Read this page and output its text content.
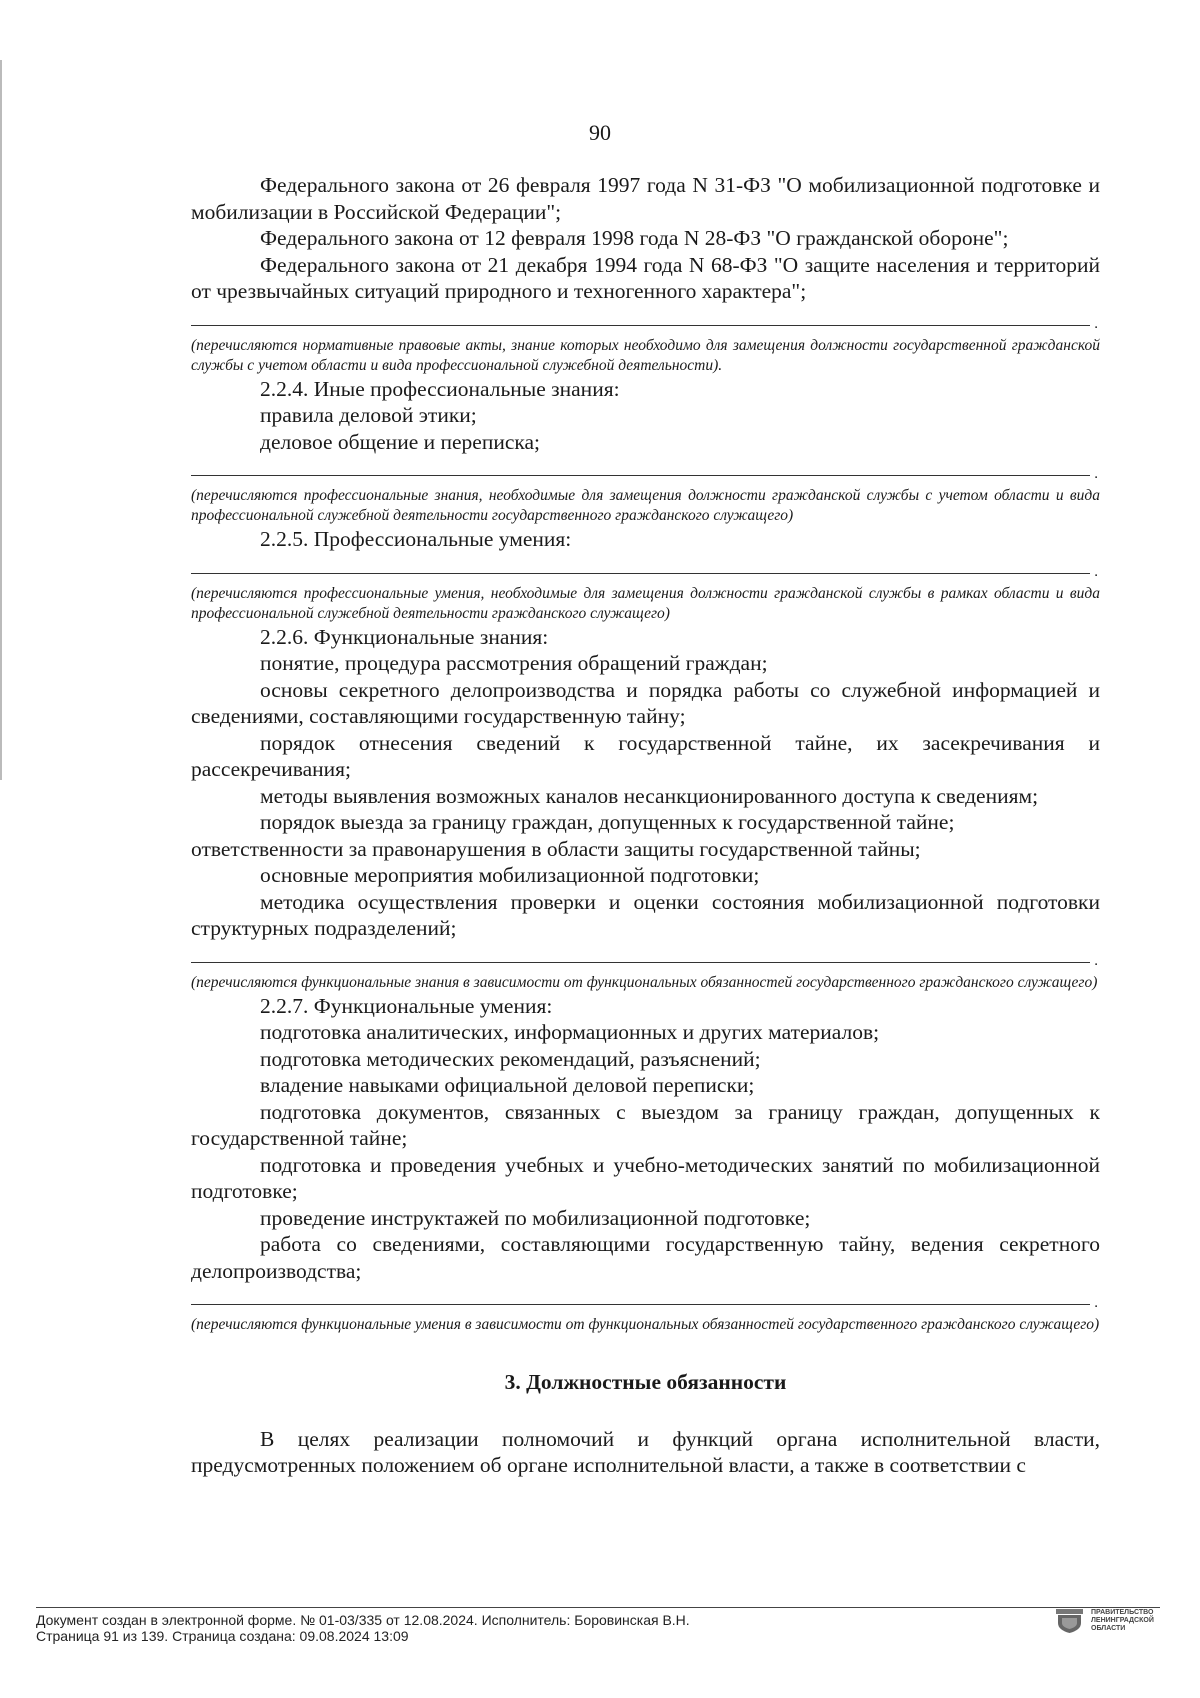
90

Федерального закона от 26 февраля 1997 года N 31-ФЗ "О мобилизационной подготовке и мобилизации в Российской Федерации";

Федерального закона от 12 февраля 1998 года N 28-ФЗ "О гражданской обороне";

Федерального закона от 21 декабря 1994 года N 68-ФЗ "О защите населения и территорий от чрезвычайных ситуаций природного и техногенного характера";

.

(перечисляются нормативные правовые акты, знание которых необходимо для замещения должности государственной гражданской службы с учетом области и вида профессиональной служебной деятельности).

2.2.4. Иные профессиональные знания:

правила деловой этики;

деловое общение и переписка;

.

(перечисляются профессиональные знания, необходимые для замещения должности гражданской службы с учетом области и вида профессиональной служебной деятельности государственного гражданского служащего)

2.2.5. Профессиональные умения:

.

(перечисляются профессиональные умения, необходимые для замещения должности гражданской службы в рамках области и вида профессиональной служебной деятельности гражданского служащего)

2.2.6. Функциональные знания:

понятие, процедура рассмотрения обращений граждан;

основы секретного делопроизводства и порядка работы со служебной информацией и сведениями, составляющими государственную тайну;

порядок отнесения сведений к государственной тайне, их засекречивания и рассекречивания;

методы выявления возможных каналов несанкционированного доступа к сведениям;

порядок выезда за границу граждан, допущенных к государственной тайне;

ответственности за правонарушения в области защиты государственной тайны;

основные мероприятия мобилизационной подготовки;

методика осуществления проверки и оценки состояния мобилизационной подготовки структурных подразделений;

.

(перечисляются функциональные знания в зависимости от функциональных обязанностей государственного гражданского служащего)

2.2.7. Функциональные умения:

подготовка аналитических, информационных и других материалов;

подготовка методических рекомендаций, разъяснений;

владение навыками официальной деловой переписки;

подготовка документов, связанных с выездом за границу граждан, допущенных к государственной тайне;

подготовка и проведения учебных и учебно-методических занятий по мобилизационной подготовке;

проведение инструктажей по мобилизационной подготовке;

работа со сведениями, составляющими государственную тайну, ведения секретного делопроизводства;

.

(перечисляются функциональные умения в зависимости от функциональных обязанностей государственного гражданского служащего)

3. Должностные обязанности

В целях реализации полномочий и функций органа исполнительной власти, предусмотренных положением об органе исполнительной власти, а также в соответствии с

Документ создан в электронной форме. № 01-03/335 от 12.08.2024. Исполнитель: Боровинская В.Н.
Страница 91 из 139. Страница создана: 09.08.2024 13:09
ПРАВИТЕЛЬСТВО
ЛЕНИНГРАДСКОЙ
ОБЛАСТИ
